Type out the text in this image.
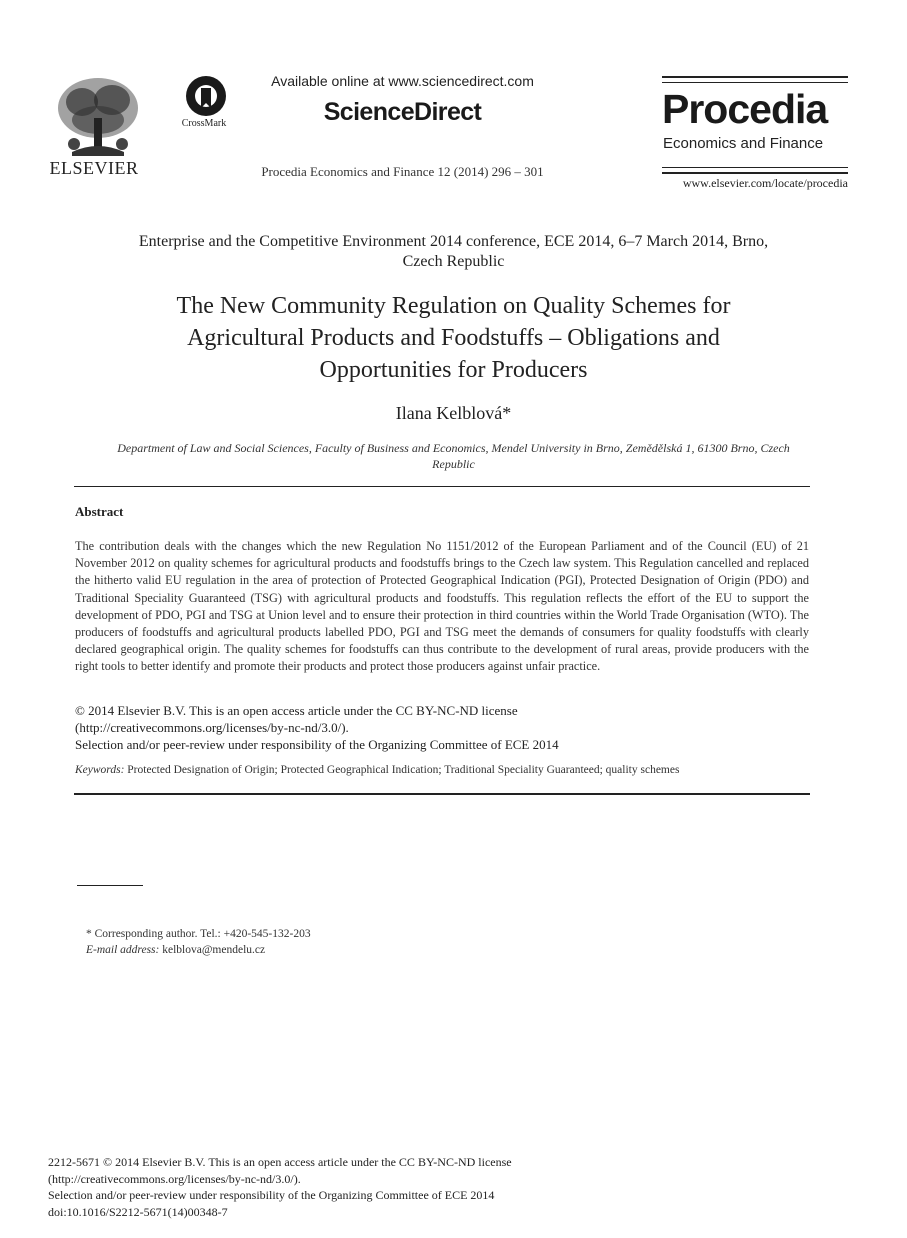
ELSEVIER
CrossMark
Available online at www.sciencedirect.com
ScienceDirect
Procedia Economics and Finance 12 (2014) 296 – 301
Procedia
Economics and Finance
www.elsevier.com/locate/procedia
Enterprise and the Competitive Environment 2014 conference, ECE 2014, 6–7 March 2014, Brno,
Czech Republic
The New Community Regulation on Quality Schemes for
Agricultural Products and Foodstuffs – Obligations and
Opportunities for Producers
Ilana Kelblová*
Department of Law and Social Sciences, Faculty of Business and Economics, Mendel University in Brno, Zemědělská 1, 61300 Brno, Czech
Republic
Abstract
The contribution deals with the changes which the new Regulation No 1151/2012 of the European Parliament and of the Council (EU) of 21 November 2012 on quality schemes for agricultural products and foodstuffs brings to the Czech law system. This Regulation cancelled and replaced the hitherto valid EU regulation in the area of protection of Protected Geographical Indication (PGI), Protected Designation of Origin (PDO) and Traditional Speciality Guaranteed (TSG) with agricultural products and foodstuffs. This regulation reflects the effort of the EU to support the development of PDO, PGI and TSG at Union level and to ensure their protection in third countries within the World Trade Organisation (WTO). The producers of foodstuffs and agricultural products labelled PDO, PGI and TSG meet the demands of consumers for quality foodstuffs with clearly declared geographical origin. The quality schemes for foodstuffs can thus contribute to the development of rural areas, provide producers with the right tools to better identify and promote their products and protect those producers against unfair practice.
© 2014 Elsevier B.V. This is an open access article under the CC BY-NC-ND license
(http://creativecommons.org/licenses/by-nc-nd/3.0/).
Selection and/or peer-review under responsibility of the Organizing Committee of ECE 2014
Keywords: Protected Designation of Origin; Protected Geographical Indication; Traditional Speciality Guaranteed; quality schemes
* Corresponding author. Tel.: +420-545-132-203
E-mail address: kelblova@mendelu.cz
2212-5671 © 2014 Elsevier B.V. This is an open access article under the CC BY-NC-ND license
(http://creativecommons.org/licenses/by-nc-nd/3.0/).
Selection and/or peer-review under responsibility of the Organizing Committee of ECE 2014
doi:10.1016/S2212-5671(14)00348-7
